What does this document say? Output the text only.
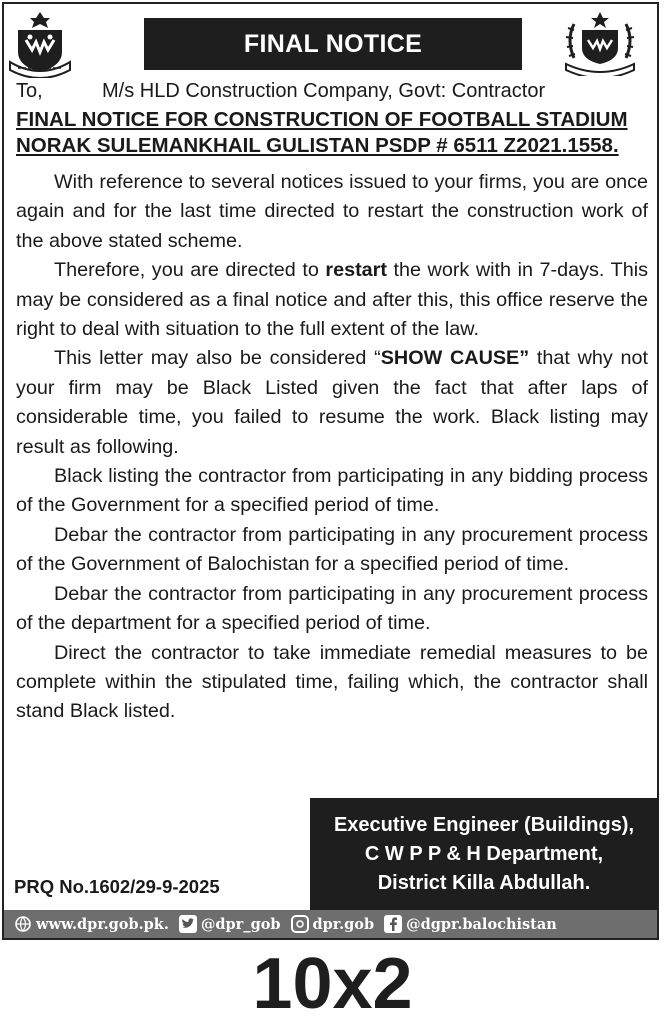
FINAL NOTICE
To,	M/s HLD Construction Company, Govt: Contractor
FINAL NOTICE FOR CONSTRUCTION OF FOOTBALL STADIUM
NORAK SULEMANKHAIL GULISTAN PSDP # 6511 Z2021.1558.

With reference to several notices issued to your firms, you are once again and for the last time directed to restart the construction work of the above stated scheme.

Therefore, you are directed to restart the work with in 7-days. This may be considered as a final notice and after this, this office reserve the right to deal with situation to the full extent of the law.

This letter may also be considered “SHOW CAUSE” that why not your firm may be Black Listed given the fact that after laps of considerable time, you failed to resume the work. Black listing may result as following.

Black listing the contractor from participating in any bidding process of the Government for a specified period of time.

Debar the contractor from participating in any procurement process of the Government of Balochistan for a specified period of time.

Debar the contractor from participating in any procurement process of the department for a specified period of time.

Direct the contractor to take immediate remedial measures to be complete within the stipulated time, failing which, the contractor shall stand Black listed.

Executive Engineer (Buildings),
C W P P & H Department,
District Killa Abdullah.
PRQ No.1602/29-9-2025
www.dpr.gob.pk. @dpr_gob dpr.gob @dgpr.balochistan
10x2
